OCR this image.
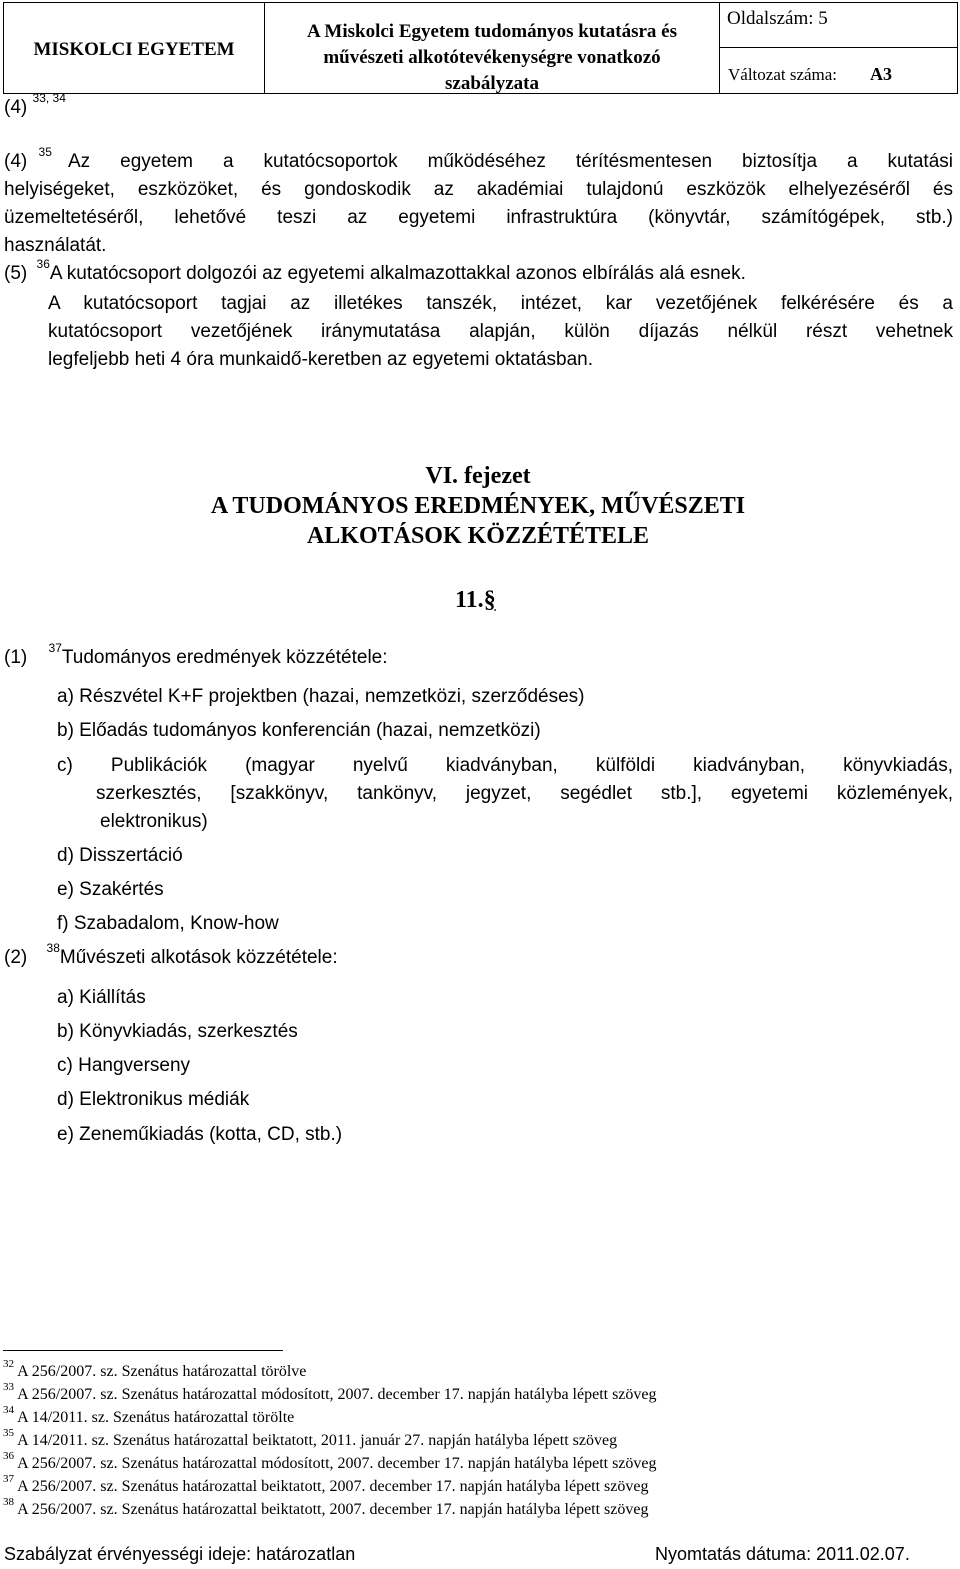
MISKOLCI EGYETEM
A Miskolci Egyetem tudományos kutatásra és
művészeti alkotótevékenységre vonatkozó
szabályzata
Oldalszám: 5
Változat száma: A3
(4) $^{33, 34}$
(4) $^{35}$ Az egyetem a kutatócsoportok működéséhez térítésmentesen biztosítja a kutatási
helyiségeket, eszközöket, és gondoskodik az akadémiai tulajdonú eszközök elhelyezéséről és
üzemeltetéséről, lehetővé teszi az egyetemi infrastruktúra (könyvtár, számítógépek, stb.)
használatát.
(5) $^{36}$A kutatócsoport dolgozói az egyetemi alkalmazottakkal azonos elbírálás alá esnek.
A kutatócsoport tagjai az illetékes tanszék, intézet, kar vezetőjének felkérésére és a
kutatócsoport vezetőjének iránymutatása alapján, külön díjazás nélkül részt vehetnek
legfeljebb heti 4 óra munkaidő-keretben az egyetemi oktatásban.
VI. fejezet
A TUDOMÁNYOS EREDMÉNYEK, MŰVÉSZETI
ALKOTÁSOK KÖZZÉTÉTELE
11.§
(1) $^{37}$Tudományos eredmények közzététele:
a) Részvétel K+F projektben (hazai, nemzetközi, szerződéses)
b) Előadás tudományos konferencián (hazai, nemzetközi)
c) Publikációk (magyar nyelvű kiadványban, külföldi kiadványban, könyvkiadás,
szerkesztés, [szakkönyv, tankönyv, jegyzet, segédlet stb.], egyetemi közlemények,
elektronikus)
d) Disszertáció
e) Szakértés
f) Szabadalom, Know-how
(2) $^{38}$Művészeti alkotások közzététele:
a) Kiállítás
b) Könyvkiadás, szerkesztés
c) Hangverseny
d) Elektronikus médiák
e) Zeneműkiadás (kotta, CD, stb.)
$^{32}$ A 256/2007. sz. Szenátus határozattal törölve
$^{33}$ A 256/2007. sz. Szenátus határozattal módosított, 2007. december 17. napján hatályba lépett szöveg
$^{34}$ A 14/2011. sz. Szenátus határozattal törölte
$^{35}$ A 14/2011. sz. Szenátus határozattal beiktatott, 2011. január 27. napján hatályba lépett szöveg
$^{36}$ A 256/2007. sz. Szenátus határozattal módosított, 2007. december 17. napján hatályba lépett szöveg
$^{37}$ A 256/2007. sz. Szenátus határozattal beiktatott, 2007. december 17. napján hatályba lépett szöveg
$^{38}$ A 256/2007. sz. Szenátus határozattal beiktatott, 2007. december 17. napján hatályba lépett szöveg
Szabályzat érvényességi ideje: határozatlan	Nyomtatás dátuma: 2011.02.07.
